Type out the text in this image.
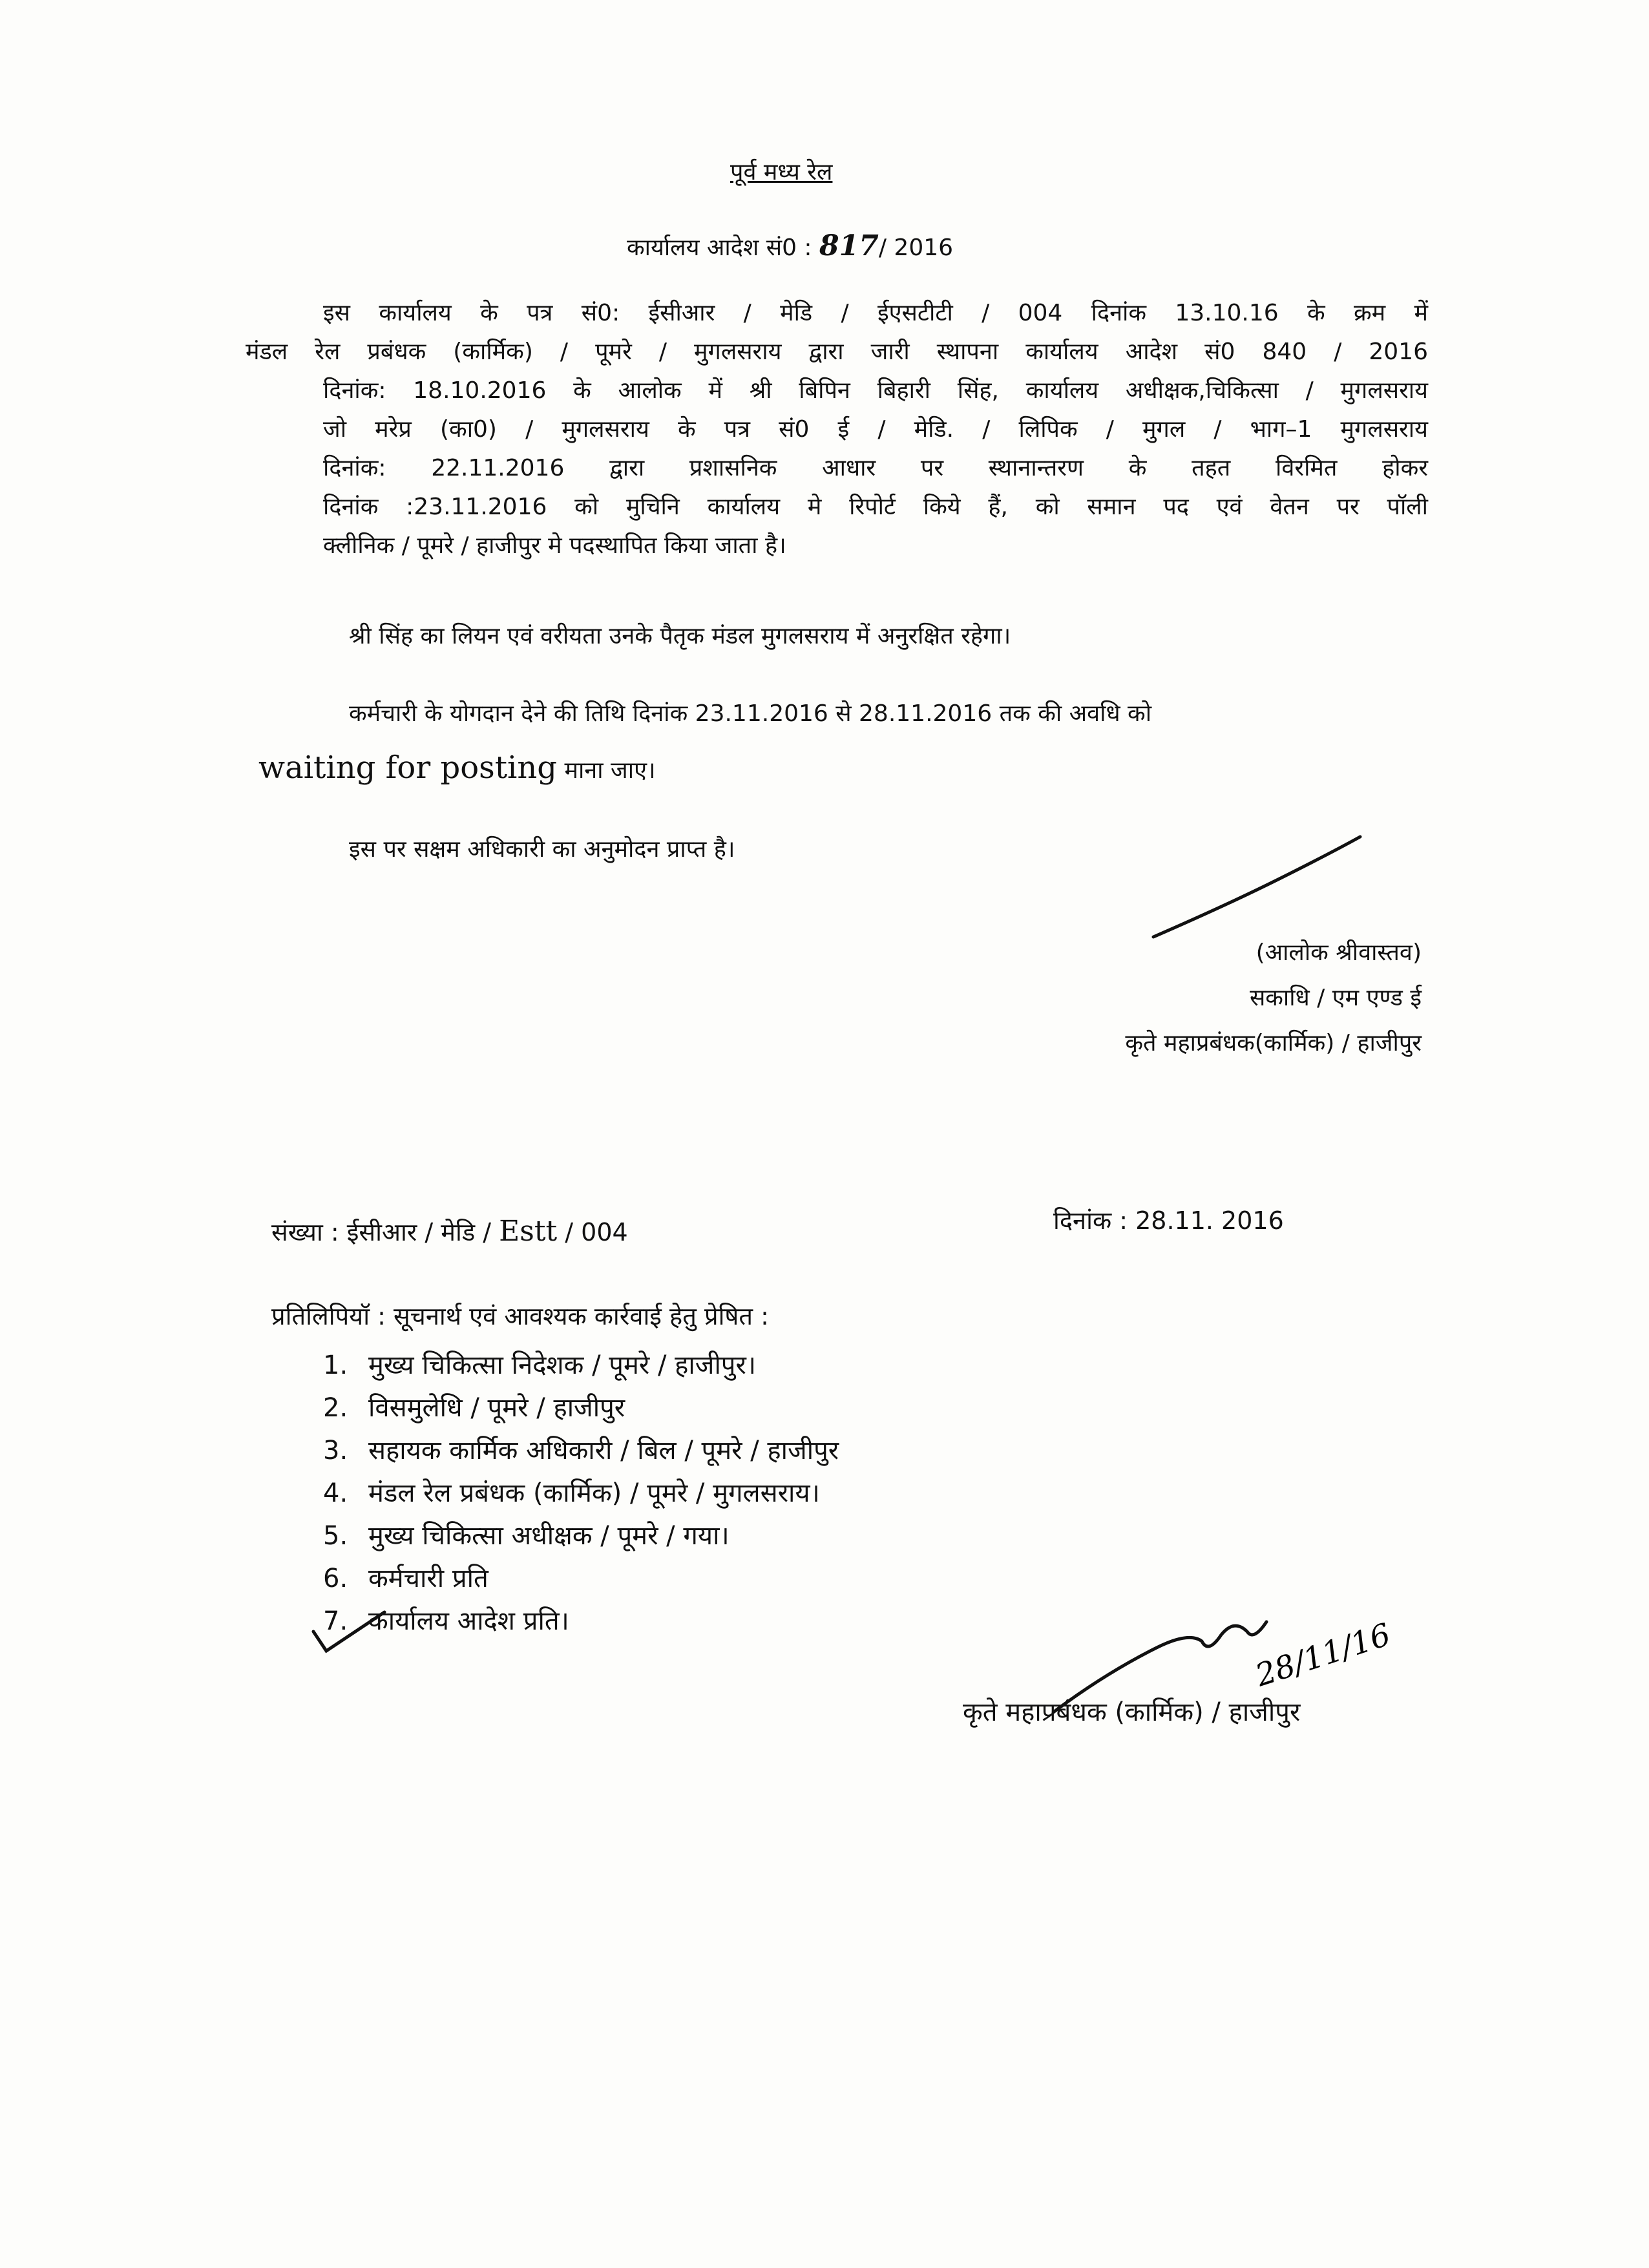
पूर्व मध्य रेल
कार्यालय आदेश सं0 : 817/ 2016
इस कार्यालय के पत्र सं0: ईसीआर / मेडि / ईएसटीटी / 004 दिनांक 13.10.16 के क्रम में
मंडल रेल प्रबंधक (कार्मिक) / पूमरे / मुगलसराय द्वारा जारी स्थापना कार्यालय आदेश सं0 840 / 2016
दिनांक: 18.10.2016 के आलोक में श्री बिपिन बिहारी सिंह, कार्यालय अधीक्षक,चिकित्सा / मुगलसराय
जो मरेप्र (का0) / मुगलसराय के पत्र सं0 ई / मेडि. / लिपिक / मुगल / भाग–1 मुगलसराय
दिनांक: 22.11.2016 द्वारा प्रशासनिक आधार पर स्थानान्तरण के तहत विरमित होकर
दिनांक :23.11.2016 को मुचिनि कार्यालय मे रिपोर्ट किये हैं, को समान पद एवं वेतन पर पॉली
क्लीनिक / पूमरे / हाजीपुर मे पदस्थापित किया जाता है।
श्री सिंह का लियन एवं वरीयता उनके पैतृक मंडल मुगलसराय में अनुरक्षित रहेगा।
कर्मचारी के योगदान देने की तिथि दिनांक 23.11.2016 से 28.11.2016 तक की अवधि को
waiting for posting माना जाए।
इस पर सक्षम अधिकारी का अनुमोदन प्राप्त है।
(आलोक श्रीवास्तव)
सकाधि / एम एण्ड ई
कृते महाप्रबंधक(कार्मिक) / हाजीपुर
संख्या : ईसीआर / मेडि / Estt / 004	दिनांक : 28.11. 2016
प्रतिलिपियॉ : सूचनार्थ एवं आवश्यक कार्रवाई हेतु प्रेषित :
1. मुख्य चिकित्सा निदेशक / पूमरे / हाजीपुर।
2. विसमुलेधि / पूमरे / हाजीपुर
3. सहायक कार्मिक अधिकारी / बिल / पूमरे / हाजीपुर
4. मंडल रेल प्रबंधक (कार्मिक) / पूमरे / मुगलसराय।
5. मुख्य चिकित्सा अधीक्षक / पूमरे / गया।
6. कर्मचारी प्रति
7. कार्यालय आदेश प्रति।	28/11/16
कृते महाप्रबंधक (कार्मिक) / हाजीपुर
